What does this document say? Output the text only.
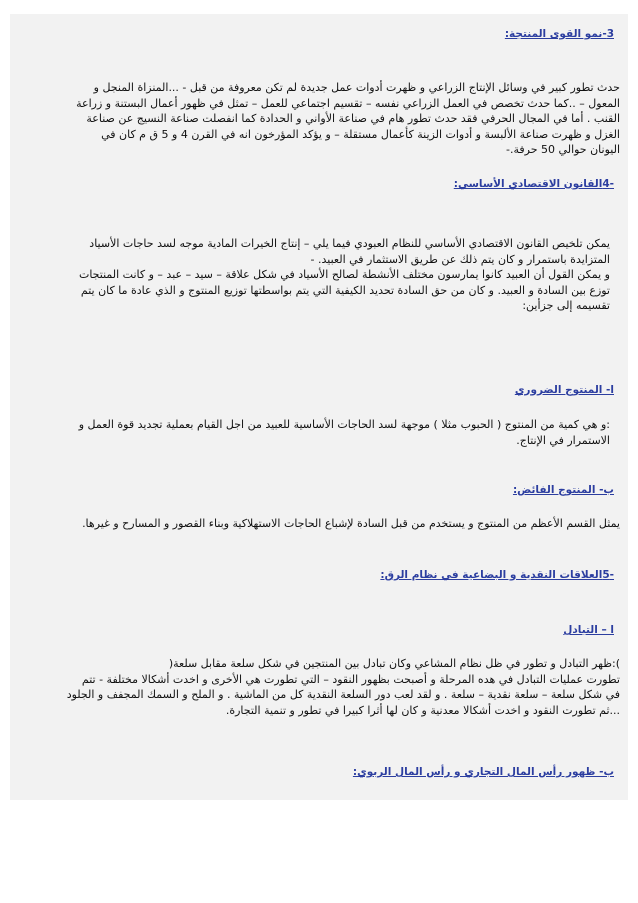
3-نمو القوى المنتجة:
حدث تطور كبير في وسائل الإنتاج الزراعي و ظهرت أدوات عمل جديدة لم تكن معروفة من قبل - ...المنزاة المنجل و
المعول – ..كما حدث تخصص في العمل الزراعي نفسه – تقسيم اجتماعي للعمل – تمثل في ظهور أعمال البستنة و زراعة
القنب . أما في المجال الحرفي فقد حدث تطور هام في صناعة الأواني و الحدادة كما انفصلت صناعة النسيج عن صناعة
الغزل و ظهرت صناعة الألبسة و أدوات الزينة كأعمال مستقلة – و يؤكد المؤرخون انه في القرن 4 و 5 ق م كان في
اليونان حوالي 50 حرفة.-
-4القانون الاقتصادي الأساسي:
يمكن تلخيص القانون الاقتصادي الأساسي للنظام العبودي فيما يلي – إنتاج الخيرات المادية موجه لسد حاجات الأسياد
المتزايدة باستمرار و كان يتم ذلك عن طريق الاستثمار في العبيد. -
و يمكن القول أن العبيد كانوا يمارسون مختلف الأنشطة لصالح الأسياد في شكل علاقة – سيد – عبد – و كانت المنتجات
توزع بين السادة و العبيد. و كان من حق السادة تحديد الكيفية التي يتم بواسطتها توزيع المنتوج و الذي عادة ما كان يتم
تقسيمه إلى جزأين:
ا- المنتوج الضروري
:و هي كمية من المنتوج ( الحبوب مثلا ) موجهة لسد الحاجات الأساسية للعبيد من اجل القيام بعملية تجديد قوة العمل و
الاستمرار في الإنتاج.
ب- المنتوج الفائض:
يمثل القسم الأعظم من المنتوج و يستخدم من قبل السادة لإشباع الحاجات الاستهلاكية وبناء القصور و المسارح و غيرها.
-5العلاقات النقدية و البضاعية في نظام الرق:
ا – التبادل
):ظهر التبادل و تطور في ظل نظام المشاعي وكان تبادل بين المنتجين في شكل سلعة مقابل سلعة(
تطورت عمليات التبادل في هده المرحلة و أصبحت بظهور النقود – التي تطورت هي الأخرى و اخدت أشكالا مختلفة - تتم
في شكل سلعة – سلعة نقدية – سلعة . و لقد لعب دور السلعة النقدية كل من الماشية . و الملح و السمك المجفف و الجلود
...ثم تطورت النقود و اخدت أشكالا معدنية و كان لها أثرا كبيرا في تطور و تنمية التجارة.
ب- ظهور رأس المال التجاري و رأس المال الربوي:
